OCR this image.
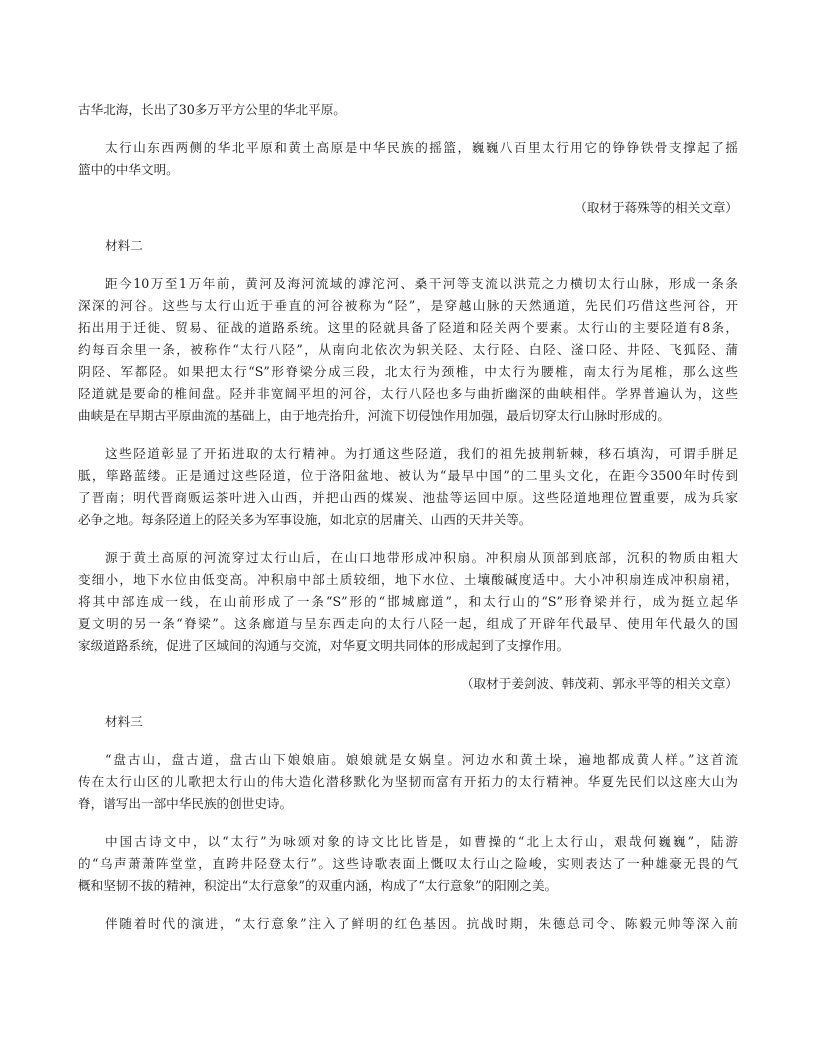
古华北海，长出了30多万平方公里的华北平原。
太行山东西两侧的华北平原和黄土高原是中华民族的摇篮，巍巍八百里太行用它的铮铮铁骨支撑起了摇
篮中的中华文明。
（取材于蒋殊等的相关文章）
材料二
距今10万至1万年前，黄河及海河流域的滹沱河、桑干河等支流以洪荒之力横切太行山脉，形成一条条
深深的河谷。这些与太行山近于垂直的河谷被称为“陉”，是穿越山脉的天然通道，先民们巧借这些河谷，开
拓出用于迁徙、贸易、征战的道路系统。这里的陉就具备了陉道和陉关两个要素。太行山的主要陉道有8条，
约每百余里一条，被称作“太行八陉”，从南向北依次为轵关陉、太行陉、白陉、滏口陉、井陉、飞狐陉、蒲
阴陉、军都陉。如果把太行“S”形脊梁分成三段，北太行为颈椎，中太行为腰椎，南太行为尾椎，那么这些
陉道就是要命的椎间盘。陉并非宽阔平坦的河谷，太行八陉也多与曲折幽深的曲峡相伴。学界普遍认为，这些
曲峡是在早期古平原曲流的基础上，由于地壳抬升，河流下切侵蚀作用加强，最后切穿太行山脉时形成的。
这些陉道彰显了开拓进取的太行精神。为打通这些陉道，我们的祖先披荆斩棘，移石填沟，可谓手胼足
胝，筚路蓝缕。正是通过这些陉道，位于洛阳盆地、被认为“最早中国”的二里头文化，在距今3500年时传到
了晋南；明代晋商贩运茶叶进入山西，并把山西的煤炭、池盐等运回中原。这些陉道地理位置重要，成为兵家
必争之地。每条陉道上的陉关多为军事设施，如北京的居庸关、山西的天井关等。
源于黄土高原的河流穿过太行山后，在山口地带形成冲积扇。冲积扇从顶部到底部，沉积的物质由粗大
变细小，地下水位由低变高。冲积扇中部土质较细，地下水位、土壤酸碱度适中。大小冲积扇连成冲积扇裙，
将其中部连成一线，在山前形成了一条“S”形的“邯城廊道”，和太行山的“S”形脊梁并行，成为挺立起华
夏文明的另一条“脊梁”。这条廊道与呈东西走向的太行八陉一起，组成了开辟年代最早、使用年代最久的国
家级道路系统，促进了区域间的沟通与交流，对华夏文明共同体的形成起到了支撑作用。
（取材于姜剑波、韩茂莉、郭永平等的相关文章）
材料三
“盘古山，盘古道，盘古山下娘娘庙。娘娘就是女娲皇。河边水和黄土垛，遍地都成黄人样。”这首流
传在太行山区的儿歌把太行山的伟大造化潜移默化为坚韧而富有开拓力的太行精神。华夏先民们以这座大山为
脊，谱写出一部中华民族的创世史诗。
中国古诗文中，以“太行”为咏颂对象的诗文比比皆是，如曹操的“北上太行山，艰哉何巍巍”，陆游
的“乌声萧萧阵堂堂，直跨井陉登太行”。这些诗歌表面上慨叹太行山之险峻，实则表达了一种雄豪无畏的气
概和坚韧不拔的精神，积淀出“太行意象”的双重内涵，构成了“太行意象”的阳刚之美。
伴随着时代的演进，“太行意象”注入了鲜明的红色基因。抗战时期，朱德总司令、陈毅元帅等深入前
